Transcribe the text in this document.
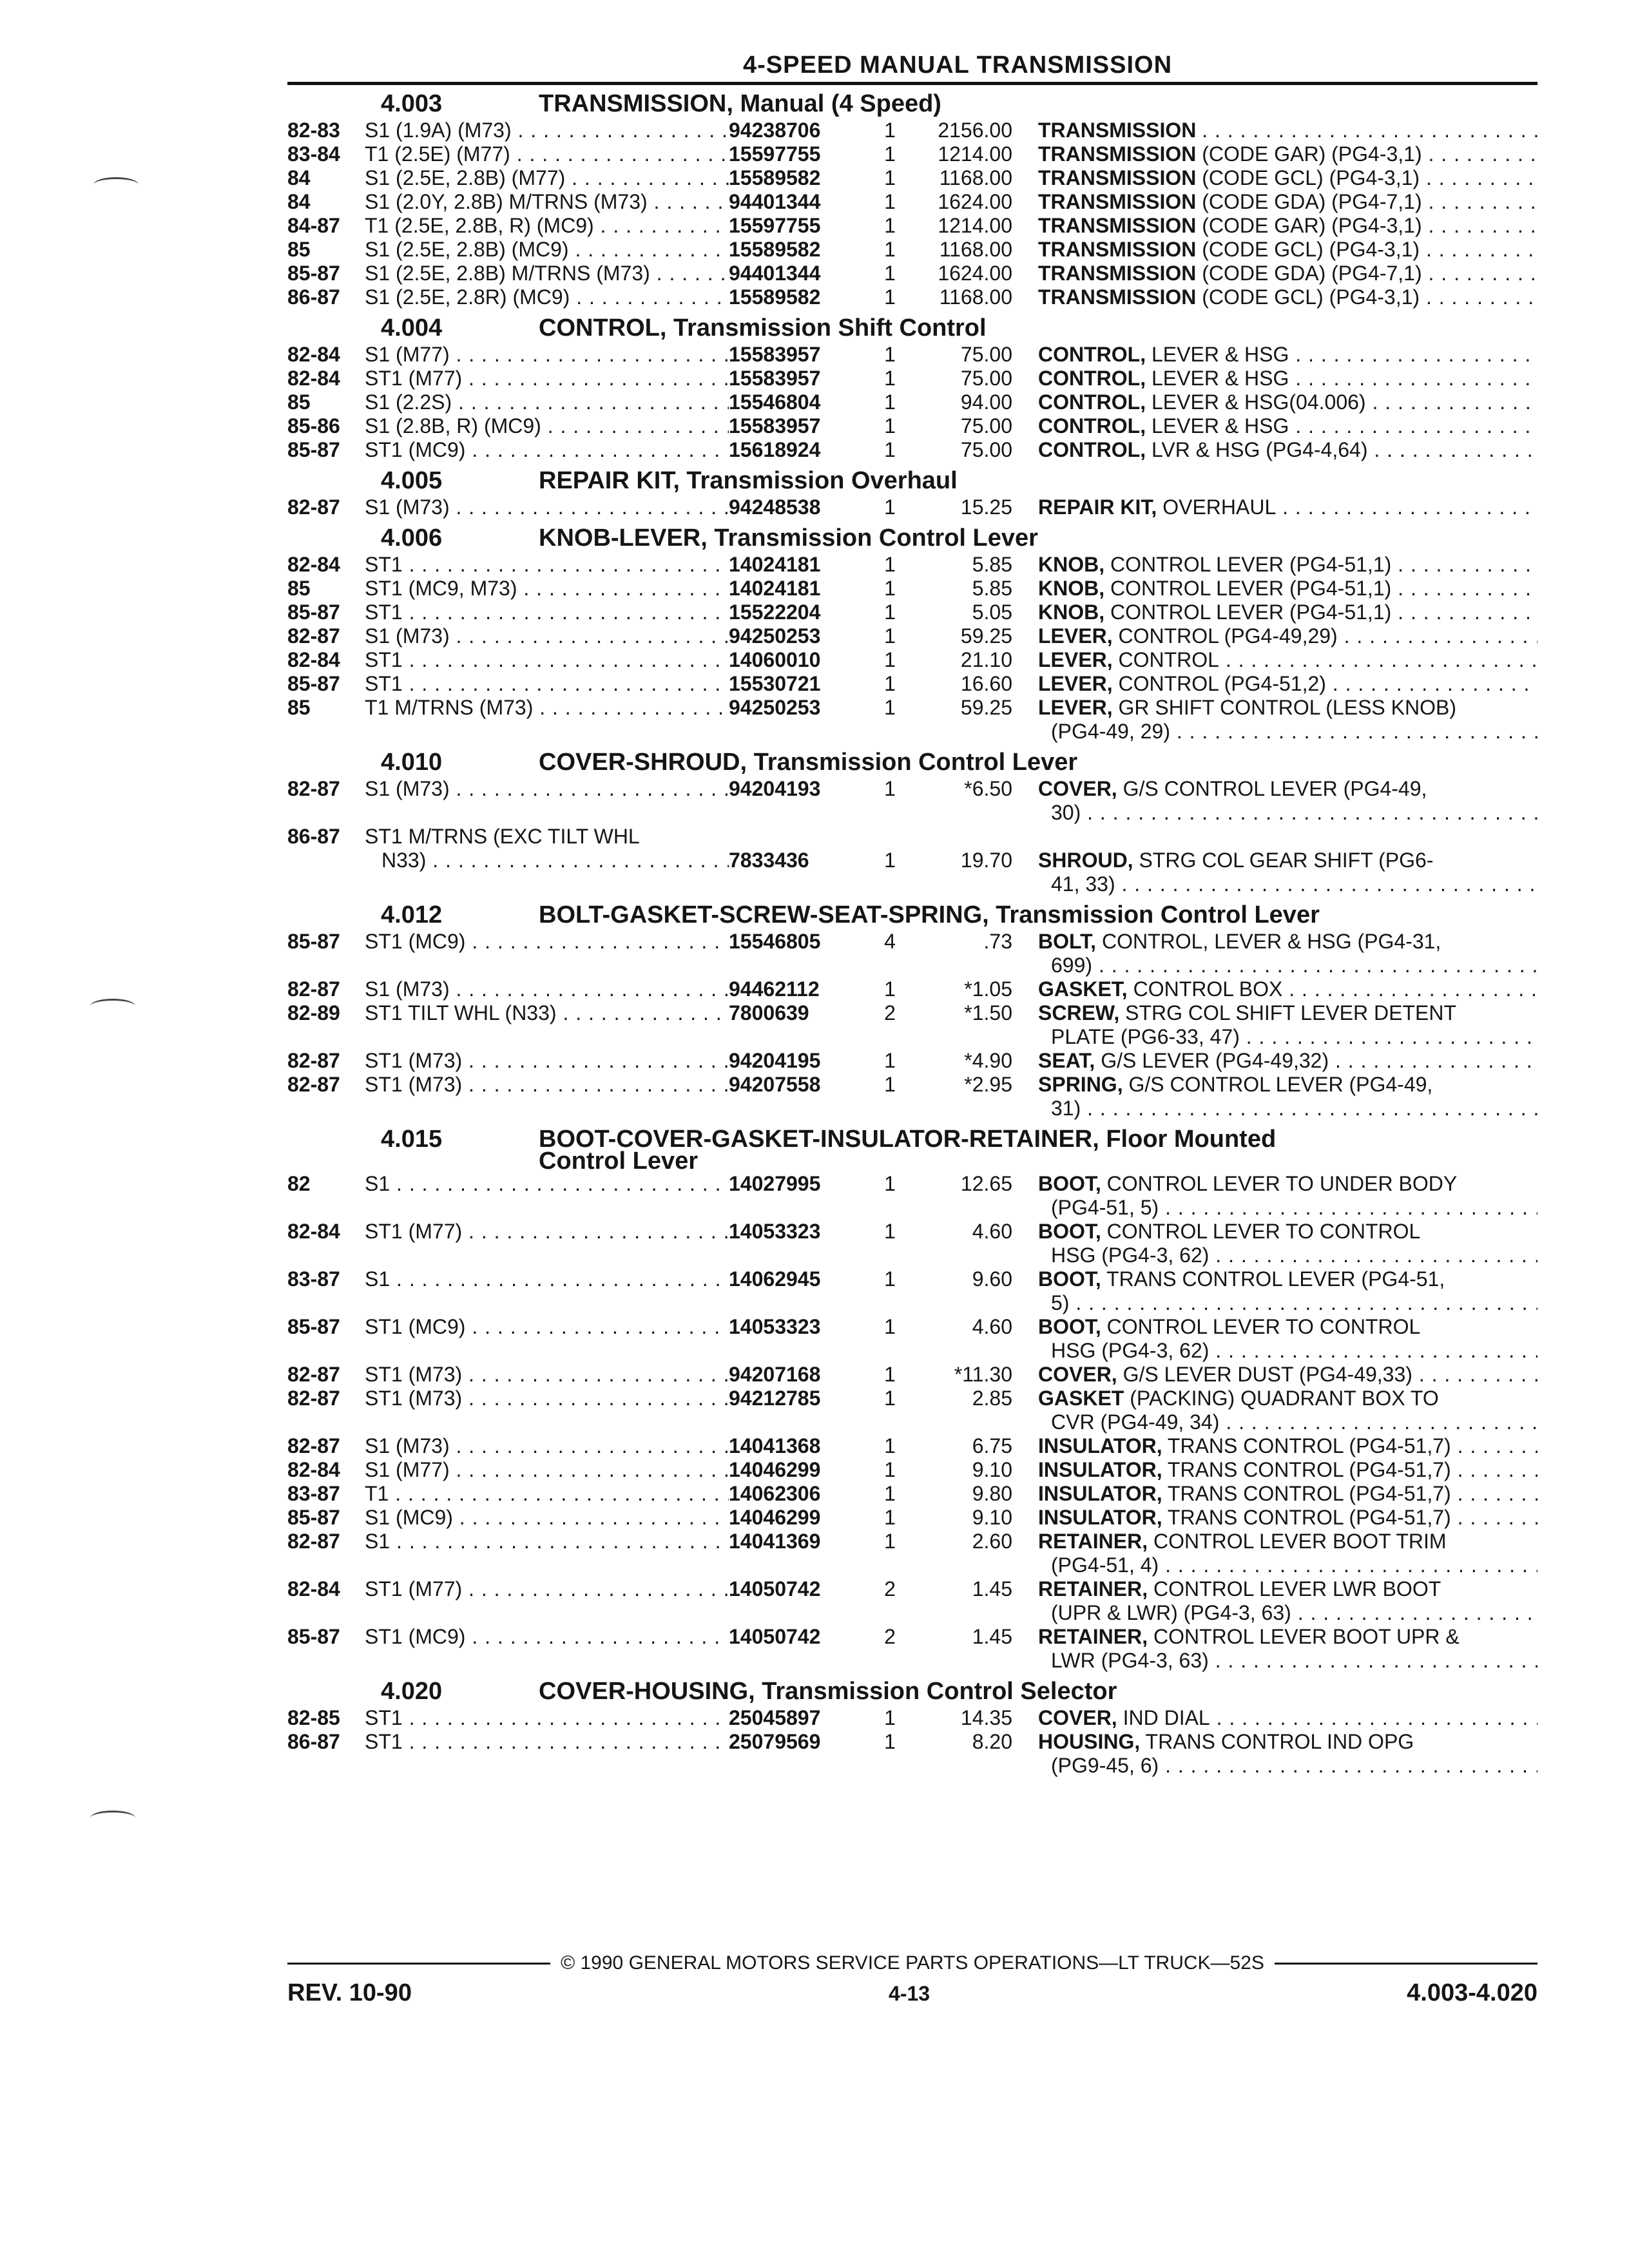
4-SPEED MANUAL TRANSMISSION
4.003	TRANSMISSION, Manual (4 Speed)
82-83	S1 (1.9A) (M73) . . .	94238706	1	2156.00	TRANSMISSION . . .
83-84	T1 (2.5E) (M77) . . .	15597755	1	1214.00	TRANSMISSION (CODE GAR) (PG4-3,1) . . .
84	S1 (2.5E, 2.8B) (M77) . . .	15589582	1	1168.00	TRANSMISSION (CODE GCL) (PG4-3,1) . . .
84	S1 (2.0Y, 2.8B) M/TRNS (M73) . . .	94401344	1	1624.00	TRANSMISSION (CODE GDA) (PG4-7,1) . . .
84-87	T1 (2.5E, 2.8B, R) (MC9) . . .	15597755	1	1214.00	TRANSMISSION (CODE GAR) (PG4-3,1) . . .
85	S1 (2.5E, 2.8B) (MC9) . . .	15589582	1	1168.00	TRANSMISSION (CODE GCL) (PG4-3,1) . . .
85-87	S1 (2.5E, 2.8B) M/TRNS (M73) . . .	94401344	1	1624.00	TRANSMISSION (CODE GDA) (PG4-7,1) . . .
86-87	S1 (2.5E, 2.8R) (MC9) . . .	15589582	1	1168.00	TRANSMISSION (CODE GCL) (PG4-3,1) . . .
4.004	CONTROL, Transmission Shift Control
82-84	S1 (M77) . . .	15583957	1	75.00	CONTROL, LEVER & HSG . . .
82-84	ST1 (M77) . . .	15583957	1	75.00	CONTROL, LEVER & HSG . . .
85	S1 (2.2S) . . .	15546804	1	94.00	CONTROL, LEVER & HSG(04.006) . . .
85-86	S1 (2.8B, R) (MC9) . . .	15583957	1	75.00	CONTROL, LEVER & HSG . . .
85-87	ST1 (MC9) . . .	15618924	1	75.00	CONTROL, LVR & HSG (PG4-4,64) . . .
4.005	REPAIR KIT, Transmission Overhaul
82-87	S1 (M73) . . .	94248538	1	15.25	REPAIR KIT, OVERHAUL . . .
4.006	KNOB-LEVER, Transmission Control Lever
82-84	ST1 . . .	14024181	1	5.85	KNOB, CONTROL LEVER (PG4-51,1) . . .
85	ST1 (MC9, M73) . . .	14024181	1	5.85	KNOB, CONTROL LEVER (PG4-51,1) . . .
85-87	ST1 . . .	15522204	1	5.05	KNOB, CONTROL LEVER (PG4-51,1) . . .
82-87	S1 (M73) . . .	94250253	1	59.25	LEVER, CONTROL (PG4-49,29) . . .
82-84	ST1 . . .	14060010	1	21.10	LEVER, CONTROL . . .
85-87	ST1 . . .	15530721	1	16.60	LEVER, CONTROL (PG4-51,2) . . .
85	T1 M/TRNS (M73) . . .	94250253	1	59.25	LEVER, GR SHIFT CONTROL (LESS KNOB)
(PG4-49, 29) . . .
4.010	COVER-SHROUD, Transmission Control Lever
82-87	S1 (M73) . . .	94204193	1	*6.50	COVER, G/S CONTROL LEVER (PG4-49,
30) . . .
86-87	ST1 M/TRNS (EXC TILT WHL
N33) . . .	7833436	1	19.70	SHROUD, STRG COL GEAR SHIFT (PG6-
41, 33) . . .
4.012	BOLT-GASKET-SCREW-SEAT-SPRING, Transmission Control Lever
85-87	ST1 (MC9) . . .	15546805	4	.73	BOLT, CONTROL, LEVER & HSG (PG4-31,
699) . . .
82-87	S1 (M73) . . .	94462112	1	*1.05	GASKET, CONTROL BOX . . .
82-89	ST1 TILT WHL (N33) . . .	7800639	2	*1.50	SCREW, STRG COL SHIFT LEVER DETENT
PLATE (PG6-33, 47) . . .
82-87	ST1 (M73) . . .	94204195	1	*4.90	SEAT, G/S LEVER (PG4-49,32) . . .
82-87	ST1 (M73) . . .	94207558	1	*2.95	SPRING, G/S CONTROL LEVER (PG4-49,
31) . . .
4.015	BOOT-COVER-GASKET-INSULATOR-RETAINER, Floor Mounted
Control Lever
82	S1 . . .	14027995	1	12.65	BOOT, CONTROL LEVER TO UNDER BODY
(PG4-51, 5) . . .
82-84	ST1 (M77) . . .	14053323	1	4.60	BOOT, CONTROL LEVER TO CONTROL
HSG (PG4-3, 62) . . .
83-87	S1 . . .	14062945	1	9.60	BOOT, TRANS CONTROL LEVER (PG4-51,
5) . . .
85-87	ST1 (MC9) . . .	14053323	1	4.60	BOOT, CONTROL LEVER TO CONTROL
HSG (PG4-3, 62) . . .
82-87	ST1 (M73) . . .	94207168	1	*11.30	COVER, G/S LEVER DUST (PG4-49,33) . . .
82-87	ST1 (M73) . . .	94212785	1	2.85	GASKET (PACKING) QUADRANT BOX TO
CVR (PG4-49, 34) . . .
82-87	S1 (M73) . . .	14041368	1	6.75	INSULATOR, TRANS CONTROL (PG4-51,7) . . .
82-84	S1 (M77) . . .	14046299	1	9.10	INSULATOR, TRANS CONTROL (PG4-51,7) . . .
83-87	T1 . . .	14062306	1	9.80	INSULATOR, TRANS CONTROL (PG4-51,7) . . .
85-87	S1 (MC9) . . .	14046299	1	9.10	INSULATOR, TRANS CONTROL (PG4-51,7) . . .
82-87	S1 . . .	14041369	1	2.60	RETAINER, CONTROL LEVER BOOT TRIM
(PG4-51, 4) . . .
82-84	ST1 (M77) . . .	14050742	2	1.45	RETAINER, CONTROL LEVER LWR BOOT
(UPR & LWR) (PG4-3, 63) . . .
85-87	ST1 (MC9) . . .	14050742	2	1.45	RETAINER, CONTROL LEVER BOOT UPR &
LWR (PG4-3, 63) . . .
4.020	COVER-HOUSING, Transmission Control Selector
82-85	ST1 . . .	25045897	1	14.35	COVER, IND DIAL . . .
86-87	ST1 . . .	25079569	1	8.20	HOUSING, TRANS CONTROL IND OPG
(PG9-45, 6) . . .
© 1990 GENERAL MOTORS SERVICE PARTS OPERATIONS—LT TRUCK—52S
REV. 10-90	4-13	4.003-4.020
